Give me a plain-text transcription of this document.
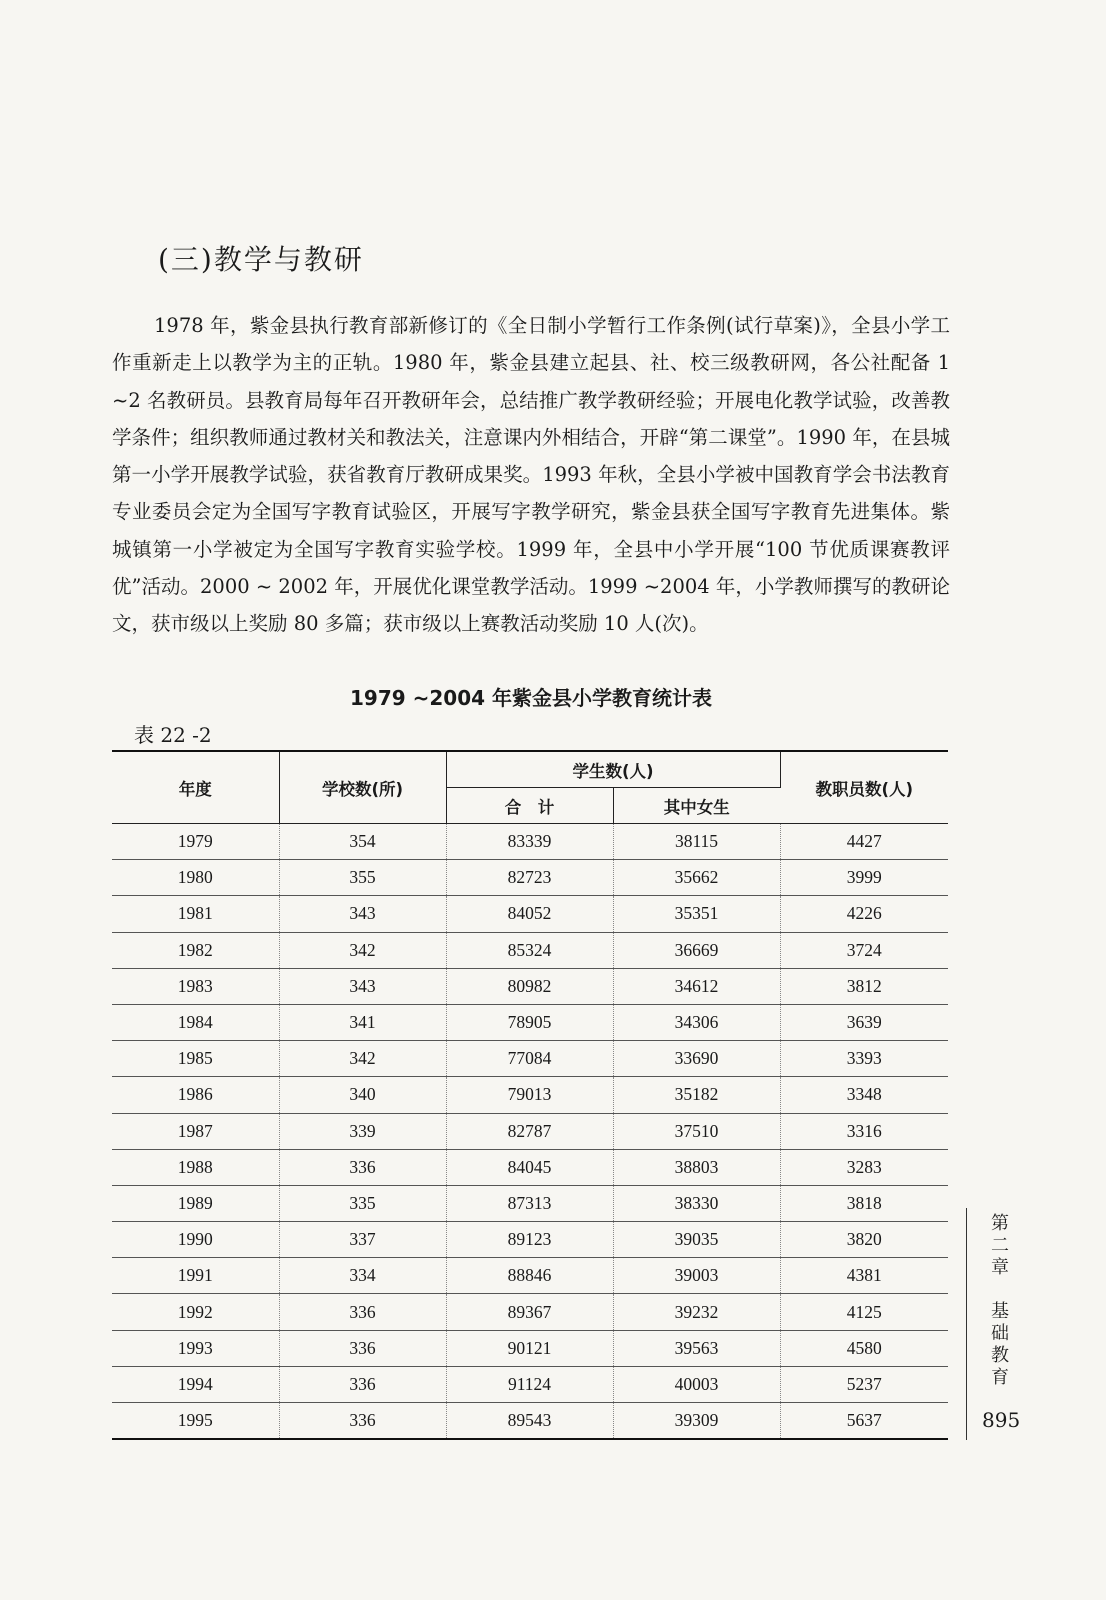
(三)教学与教研

1978 年，紫金县执行教育部新修订的《全日制小学暂行工作条例(试行草案)》，全县小学工作重新走上以教学为主的正轨。1980 年，紫金县建立起县、社、校三级教研网，各公社配备 1 ~2 名教研员。县教育局每年召开教研年会，总结推广教学教研经验；开展电化教学试验，改善教学条件；组织教师通过教材关和教法关，注意课内外相结合，开辟“第二课堂”。1990 年，在县城第一小学开展教学试验，获省教育厅教研成果奖。1993 年秋，全县小学被中国教育学会书法教育专业委员会定为全国写字教育试验区，开展写字教学研究，紫金县获全国写字教育先进集体。紫城镇第一小学被定为全国写字教育实验学校。1999 年，全县中小学开展“100 节优质课赛教评优”活动。2000 ~ 2002 年，开展优化课堂教学活动。1999 ~2004 年，小学教师撰写的教研论文，获市级以上奖励 80 多篇；获市级以上赛教活动奖励 10 人(次)。

1979 ~2004 年紫金县小学教育统计表
表 22 -2
年度	学校数(所)	学生数(人)		教职员数(人)
		合　计	其中女生	
1979	354	83339	38115	4427
1980	355	82723	35662	3999
1981	343	84052	35351	4226
1982	342	85324	36669	3724
1983	343	80982	34612	3812
1984	341	78905	34306	3639
1985	342	77084	33690	3393
1986	340	79013	35182	3348
1987	339	82787	37510	3316
1988	336	84045	38803	3283
1989	335	87313	38330	3818
1990	337	89123	39035	3820
1991	334	88846	39003	4381
1992	336	89367	39232	4125
1993	336	90121	39563	4580
1994	336	91124	40003	5237
1995	336	89543	39309	5637
第二章　基础教育
895
